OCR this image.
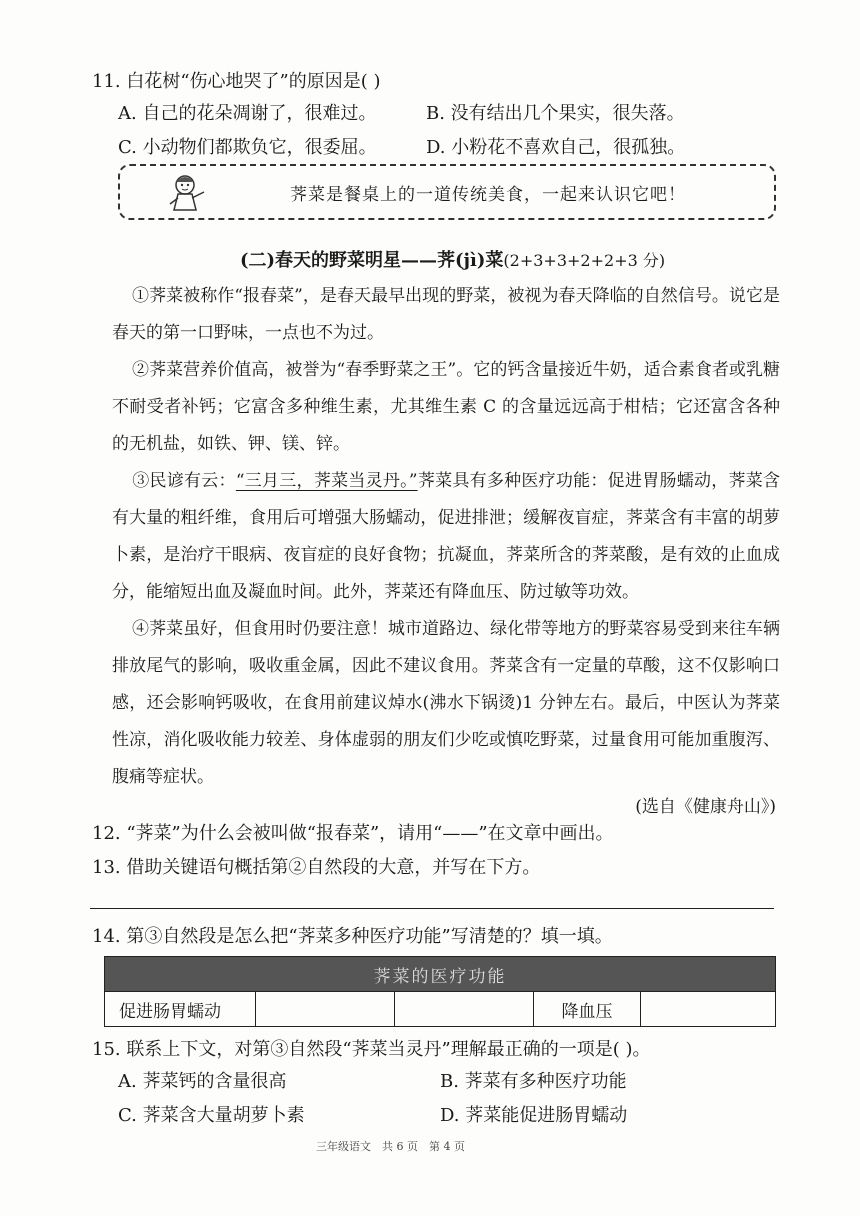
11. 白花树“伤心地哭了”的原因是( )
A. 自己的花朵凋谢了，很难过。	B. 没有结出几个果实，很失落。
C. 小动物们都欺负它，很委屈。	D. 小粉花不喜欢自己，很孤独。
荠菜是餐桌上的一道传统美食，一起来认识它吧！
(二)春天的野菜明星——荠(jì)菜(2+3+3+2+2+3 分)
①荠菜被称作“报春菜”，是春天最早出现的野菜，被视为春天降临的自然信号。说它是春天的第一口野味，一点也不为过。
②荠菜营养价值高，被誉为“春季野菜之王”。它的钙含量接近牛奶，适合素食者或乳糖不耐受者补钙；它富含多种维生素，尤其维生素 C 的含量远远高于柑桔；它还富含各种的无机盐，如铁、钾、镁、锌。
③民谚有云：“三月三，荠菜当灵丹。”荠菜具有多种医疗功能：促进胃肠蠕动，荠菜含有大量的粗纤维，食用后可增强大肠蠕动，促进排泄；缓解夜盲症，荠菜含有丰富的胡萝卜素，是治疗干眼病、夜盲症的良好食物；抗凝血，荠菜所含的荠菜酸，是有效的止血成分，能缩短出血及凝血时间。此外，荠菜还有降血压、防过敏等功效。
④荠菜虽好，但食用时仍要注意！城市道路边、绿化带等地方的野菜容易受到来往车辆排放尾气的影响，吸收重金属，因此不建议食用。荠菜含有一定量的草酸，这不仅影响口感，还会影响钙吸收，在食用前建议焯水(沸水下锅烫)1 分钟左右。最后，中医认为荠菜性凉，消化吸收能力较差、身体虚弱的朋友们少吃或慎吃野菜，过量食用可能加重腹泻、腹痛等症状。
(选自《健康舟山》)
12. “荠菜”为什么会被叫做“报春菜”，请用“——”在文章中画出。
13. 借助关键语句概括第②自然段的大意，并写在下方。
14. 第③自然段是怎么把“荠菜多种医疗功能”写清楚的？填一填。
荠菜的医疗功能
促进肠胃蠕动			降血压	
15. 联系上下文，对第③自然段“荠菜当灵丹”理解最正确的一项是( )。
A. 荠菜钙的含量很高	B. 荠菜有多种医疗功能
C. 荠菜含大量胡萝卜素	D. 荠菜能促进肠胃蠕动
三年级语文　共 6 页　第 4 页
